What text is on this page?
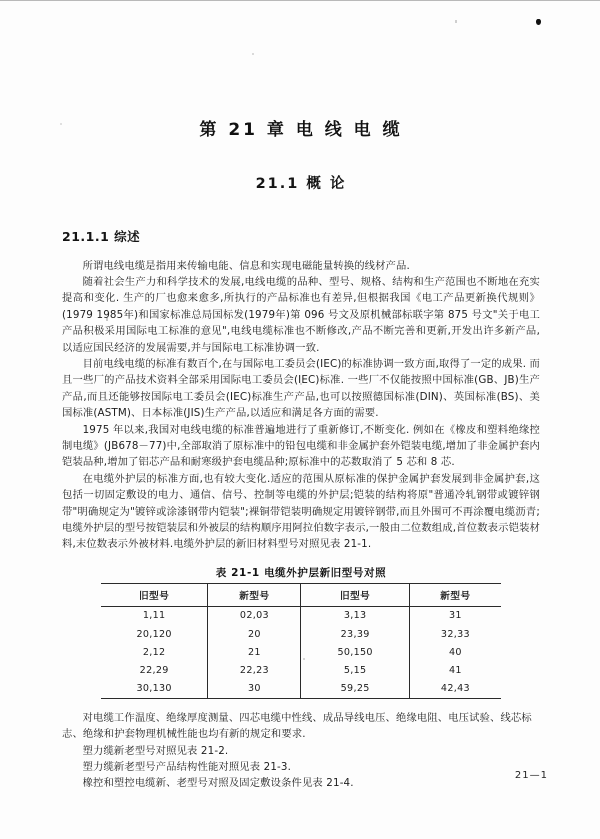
第 21 章 电 线 电 缆
21.1 概 论
21.1.1 综述

所谓电线电缆是指用来传输电能、信息和实现电磁能量转换的线材产品.

随着社会生产力和科学技术的发展,电线电缆的品种、型号、规格、结构和生产范围也不断地在充实提高和变化. 生产的厂也愈来愈多,所执行的产品标准也有差异,但根据我国《电工产品更新换代规则》(1979 1985年)和国家标准总局国标发(1979年)第 096 号文及原机械部标联字第 875 号文"关于电工产品积极采用国际电工标准的意见",电线电缆标准也不断修改,产品不断完善和更新,开发出许多新产品,以适应国民经济的发展需要,并与国际电工标准协调一致.

目前电线电缆的标准有数百个,在与国际电工委员会(IEC)的标准协调一致方面,取得了一定的成果. 而且一些厂的产品技术资料全部采用国际电工委员会(IEC)标准. 一些厂不仅能按照中国标准(GB、JB)生产产品,而且还能够按国际电工委员会(IEC)标准生产产品,也可以按照德国标准(DIN)、英国标准(BS)、美国标准(ASTM)、日本标准(JIS)生产产品,以适应和满足各方面的需要.

1975 年以来,我国对电线电缆的标准普遍地进行了重新修订,不断变化. 例如在《橡皮和塑料绝缘控制电缆》(JB678－77)中,全部取消了原标准中的铅包电缆和非金属护套外铠装电缆,增加了非金属护套内铠装品种,增加了铝芯产品和耐寒级护套电缆品种;原标准中的芯数取消了 5 芯和 8 芯.

在电缆外护层的标准方面,也有较大变化.适应的范围从原标准的保护金属护套发展到非金属护套,这包括一切固定敷设的电力、通信、信号、控制等电缆的外护层;铠装的结构将原"普通冷轧钢带或镀锌钢带"明确规定为"镀锌或涂漆钢带内铠装";裸铜带铠装明确规定用镀锌钢带,而且外围可不再涂覆电缆沥青;电缆外护层的型号按铠装层和外被层的结构顺序用阿拉伯数字表示,一般由二位数组成,首位数表示铠装材料,末位数表示外被材料.电缆外护层的新旧材料型号对照见表 21-1.

表 21-1 电缆外护层新旧型号对照
旧型号	新型号	旧型号	新型号
1,11	02,03	3,13	31
20,120	20	23,39	32,33
2,12	21	50,150	40
22,29	22,23	5,15	41
30,130	30	59,25	42,43

对电缆工作温度、绝缘厚度测量、四芯电缆中性线、成品导线电压、绝缘电阻、电压试验、线芯标志、绝缘和护套物理机械性能也均有新的规定和要求.

塑力缆新老型号对照见表 21-2.

塑力缆新老型号产品结构性能对照见表 21-3.

橡控和塑控电缆新、老型号对照及固定敷设条件见表 21-4.

21—1
